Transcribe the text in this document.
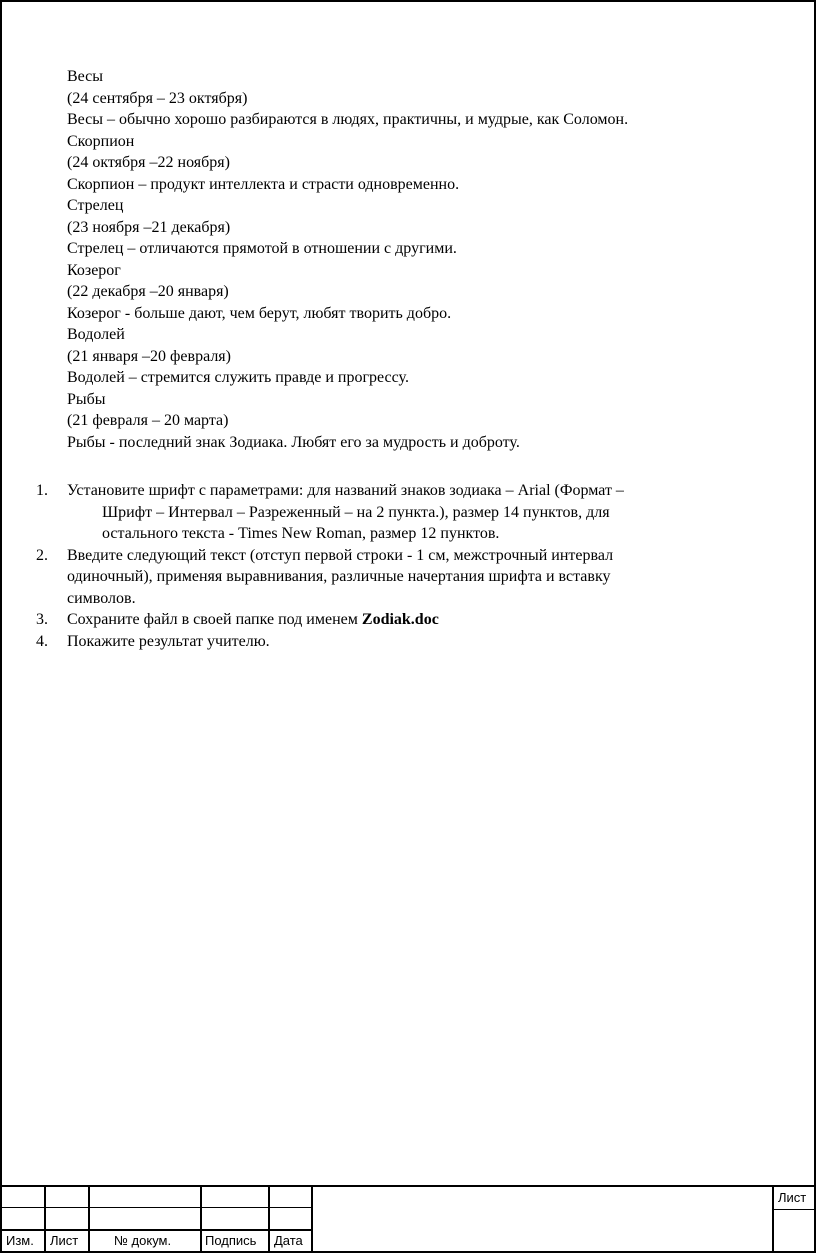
Весы

(24 сентября – 23 октября)

Весы – обычно хорошо разбираются в людях, практичны, и мудрые, как Соломон.

Скорпион

(24 октября –22 ноября)

Скорпион – продукт интеллекта и страсти одновременно.

Стрелец

(23 ноября –21 декабря)

Стрелец – отличаются прямотой в отношении с другими.

Козерог

(22 декабря –20 января)

Козерог - больше дают, чем берут, любят творить добро.

Водолей

(21 января –20 февраля)

Водолей – стремится служить правде и прогрессу.

Рыбы

(21 февраля – 20 марта)

Рыбы - последний знак Зодиака. Любят его за мудрость и доброту.

1. Установите шрифт с параметрами: для названий знаков зодиака – Arial (Формат –
Шрифт – Интервал – Разреженный – на 2 пункта.), размер 14 пунктов, для
остального текста - Times New Roman, размер 12 пунктов.
2. Введите следующий текст (отступ первой строки - 1 см, межстрочный интервал
одиночный), применяя выравнивания, различные начертания шрифта и вставку
символов.
3. Сохраните файл в своей папке под именем Zodiak.doc
4. Покажите результат учителю.
Изм. Лист	№ докум.	Подпись Дата
Лист
